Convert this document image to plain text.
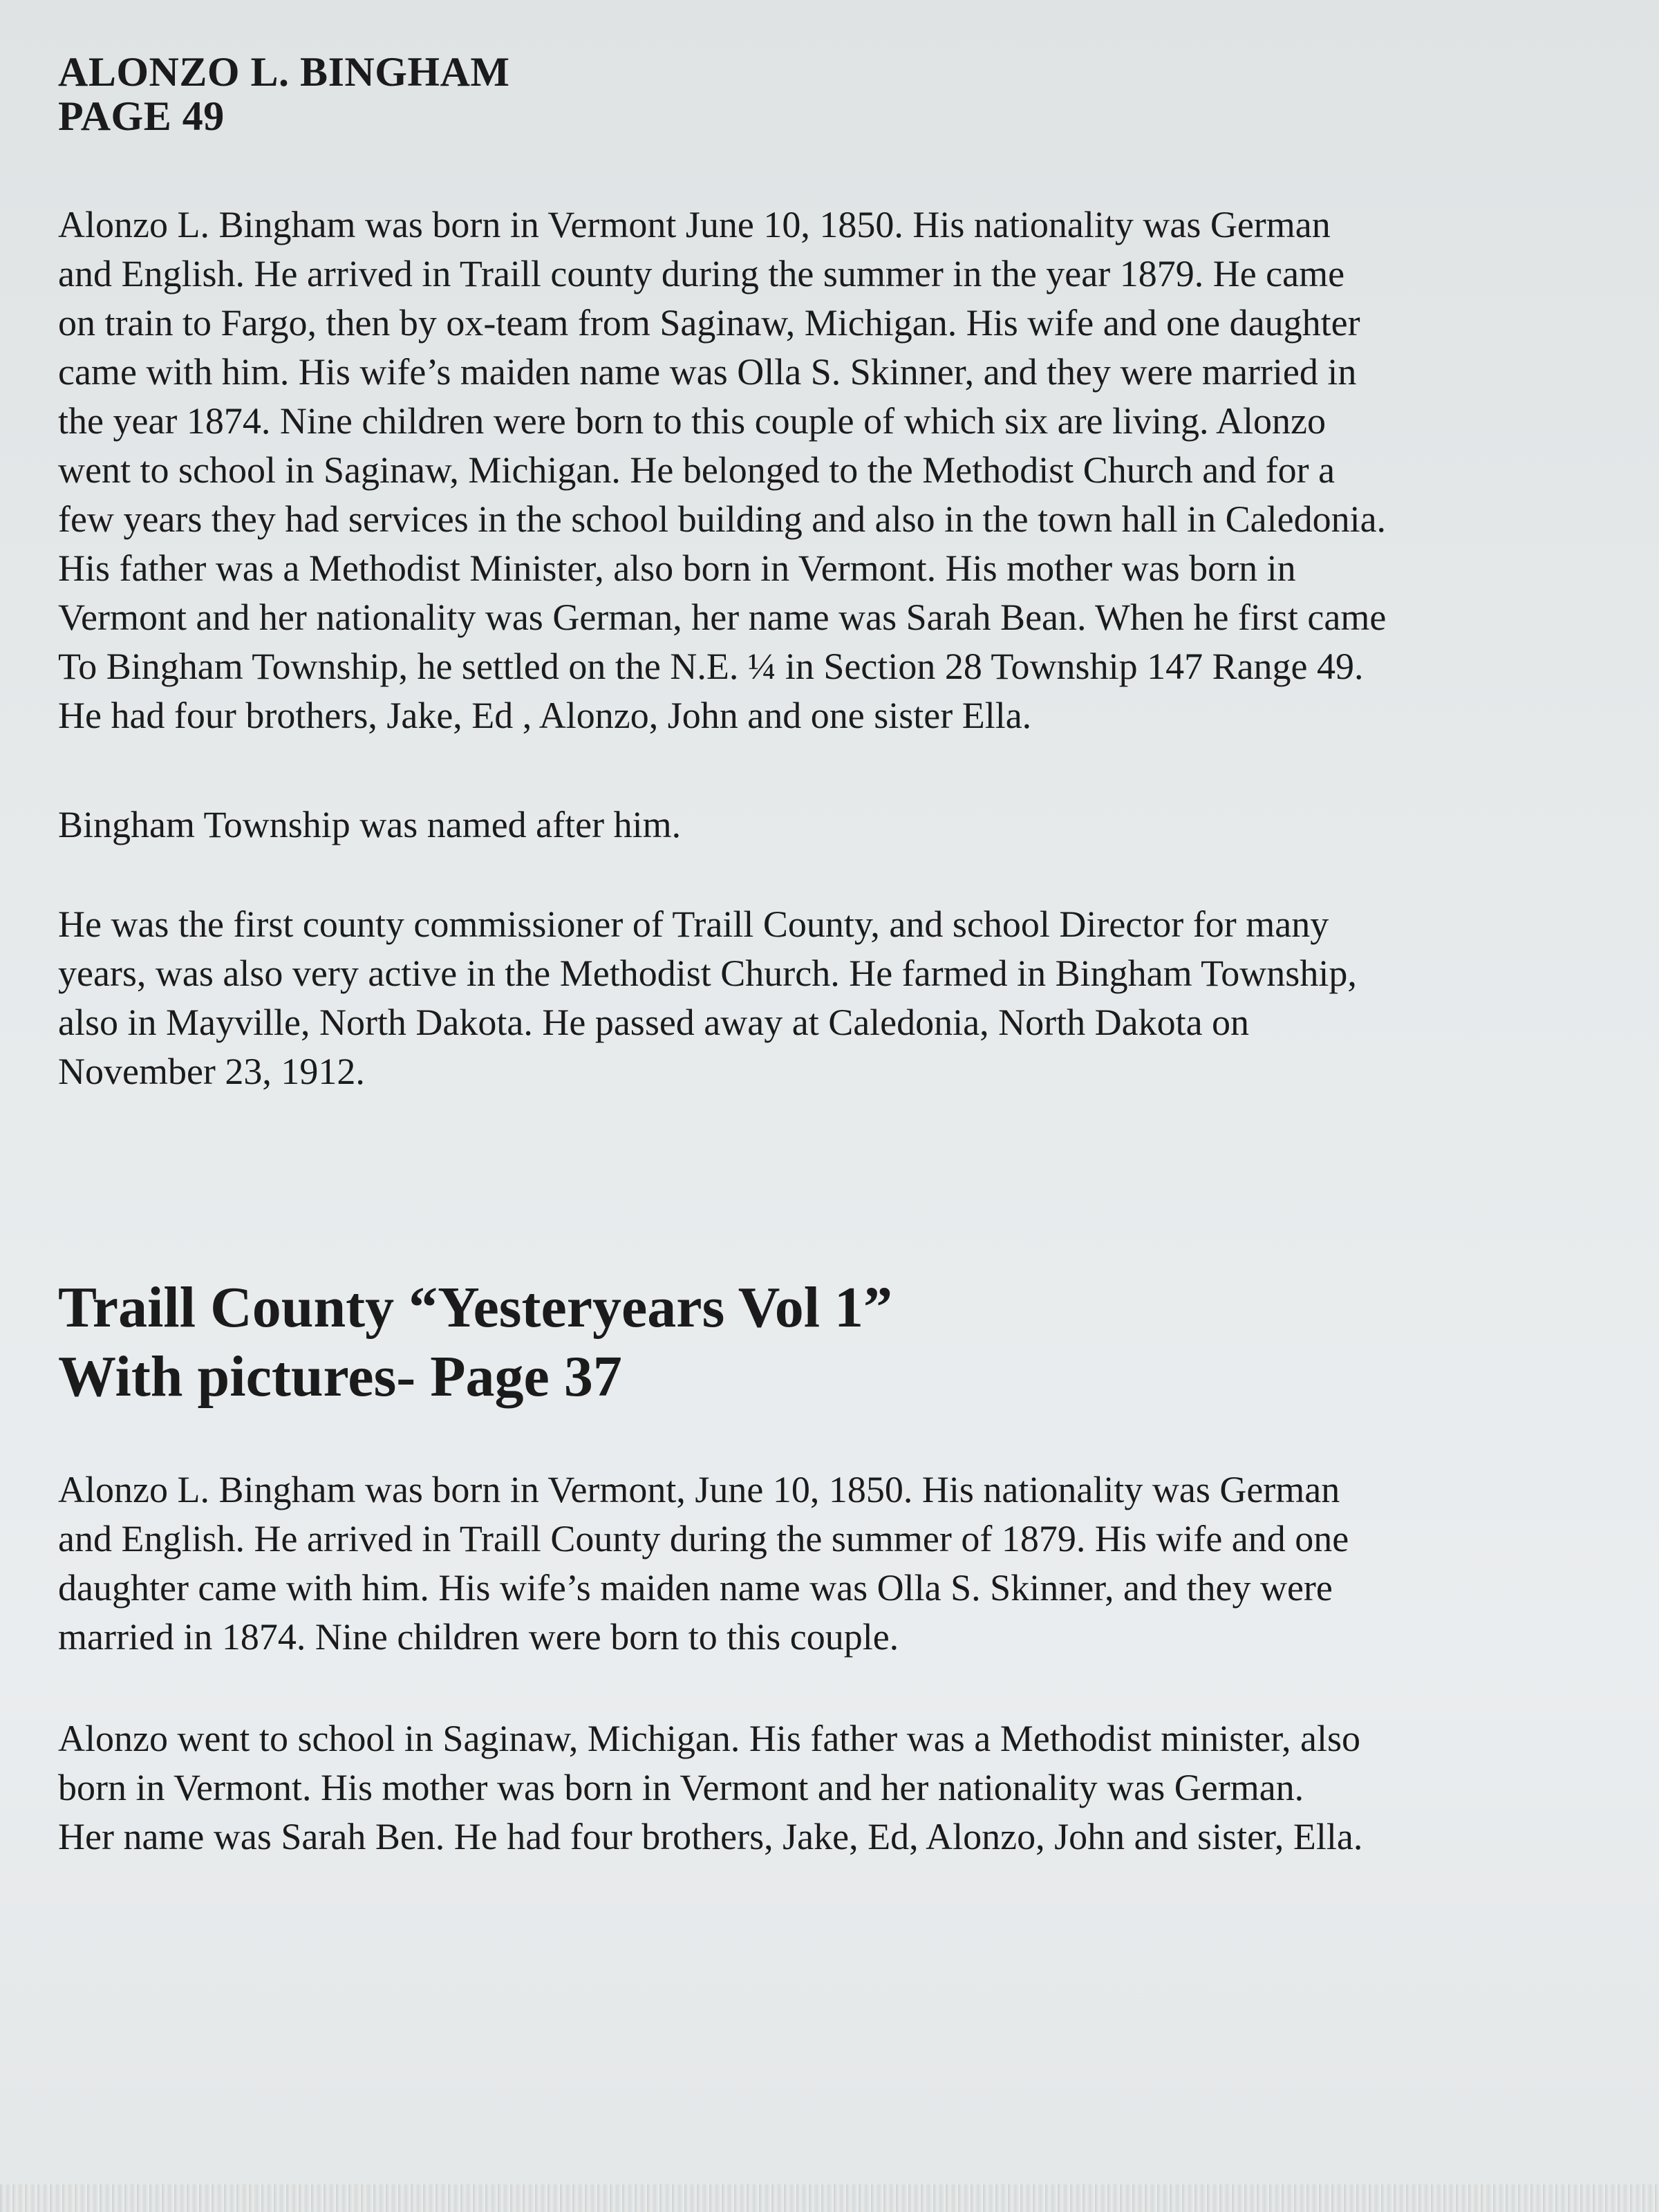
ALONZO L. BINGHAM

PAGE 49

Alonzo L. Bingham was born in Vermont June 10, 1850. His nationality was German
and English. He arrived in Traill county during the summer in the year 1879. He came
on train to Fargo, then by ox-team from Saginaw, Michigan. His wife and one daughter
came with him. His wife’s maiden name was Olla S. Skinner, and they were married in
the year 1874. Nine children were born to this couple of which six are living. Alonzo
went to school in Saginaw, Michigan. He belonged to the Methodist Church and for a
few years they had services in the school building and also in the town hall in Caledonia.
His father was a Methodist Minister, also born in Vermont. His mother was born in
Vermont and her nationality was German, her name was Sarah Bean. When he first came
To Bingham Township, he settled on the N.E. ¼ in Section 28 Township 147 Range 49.
He had four brothers, Jake, Ed , Alonzo, John and one sister Ella.
Bingham Township was named after him.
He was the first county commissioner of Traill County, and school Director for many
years, was also very active in the Methodist Church. He farmed in Bingham Township,
also in Mayville, North Dakota. He passed away at Caledonia, North Dakota on
November 23, 1912.

Traill County “Yesteryears Vol 1”

With pictures- Page 37

Alonzo L. Bingham was born in Vermont, June 10, 1850. His nationality was German
and English. He arrived in Traill County during the summer of 1879. His wife and one
daughter came with him. His wife’s maiden name was Olla S. Skinner, and they were
married in 1874. Nine children were born to this couple.
Alonzo went to school in Saginaw, Michigan. His father was a Methodist minister, also
born in Vermont. His mother was born in Vermont and her nationality was German.
Her name was Sarah Ben. He had four brothers, Jake, Ed, Alonzo, John and sister, Ella.
